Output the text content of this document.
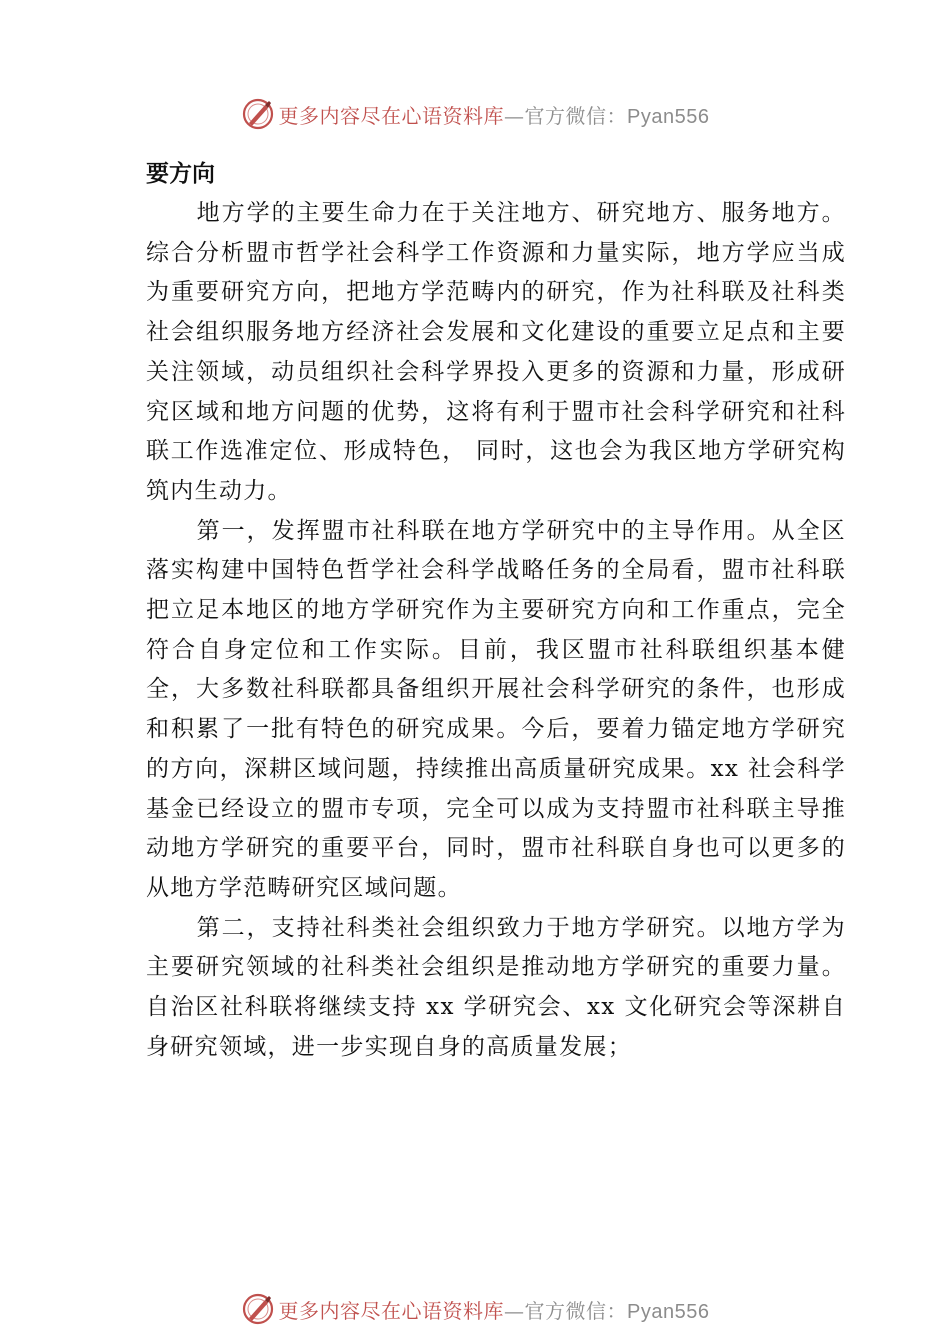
更多内容尽在心语资料库—官方微信：Pyan556

要方向

地方学的主要生命力在于关注地方、研究地方、服务地方。综合分析盟市哲学社会科学工作资源和力量实际，地方学应当成为重要研究方向，把地方学范畴内的研究，作为社科联及社科类社会组织服务地方经济社会发展和文化建设的重要立足点和主要关注领域，动员组织社会科学界投入更多的资源和力量，形成研究区域和地方问题的优势，这将有利于盟市社会科学研究和社科联工作选准定位、形成特色， 同时，这也会为我区地方学研究构筑内生动力。

第一，发挥盟市社科联在地方学研究中的主导作用。从全区落实构建中国特色哲学社会科学战略任务的全局看，盟市社科联把立足本地区的地方学研究作为主要研究方向和工作重点，完全符合自身定位和工作实际。目前，我区盟市社科联组织基本健全，大多数社科联都具备组织开展社会科学研究的条件，也形成和积累了一批有特色的研究成果。今后，要着力锚定地方学研究的方向，深耕区域问题，持续推出高质量研究成果。xx 社会科学基金已经设立的盟市专项，完全可以成为支持盟市社科联主导推动地方学研究的重要平台，同时，盟市社科联自身也可以更多的从地方学范畴研究区域问题。

第二，支持社科类社会组织致力于地方学研究。以地方学为主要研究领域的社科类社会组织是推动地方学研究的重要力量。自治区社科联将继续支持 xx 学研究会、xx 文化研究会等深耕自身研究领域，进一步实现自身的高质量发展；

更多内容尽在心语资料库—官方微信：Pyan556
